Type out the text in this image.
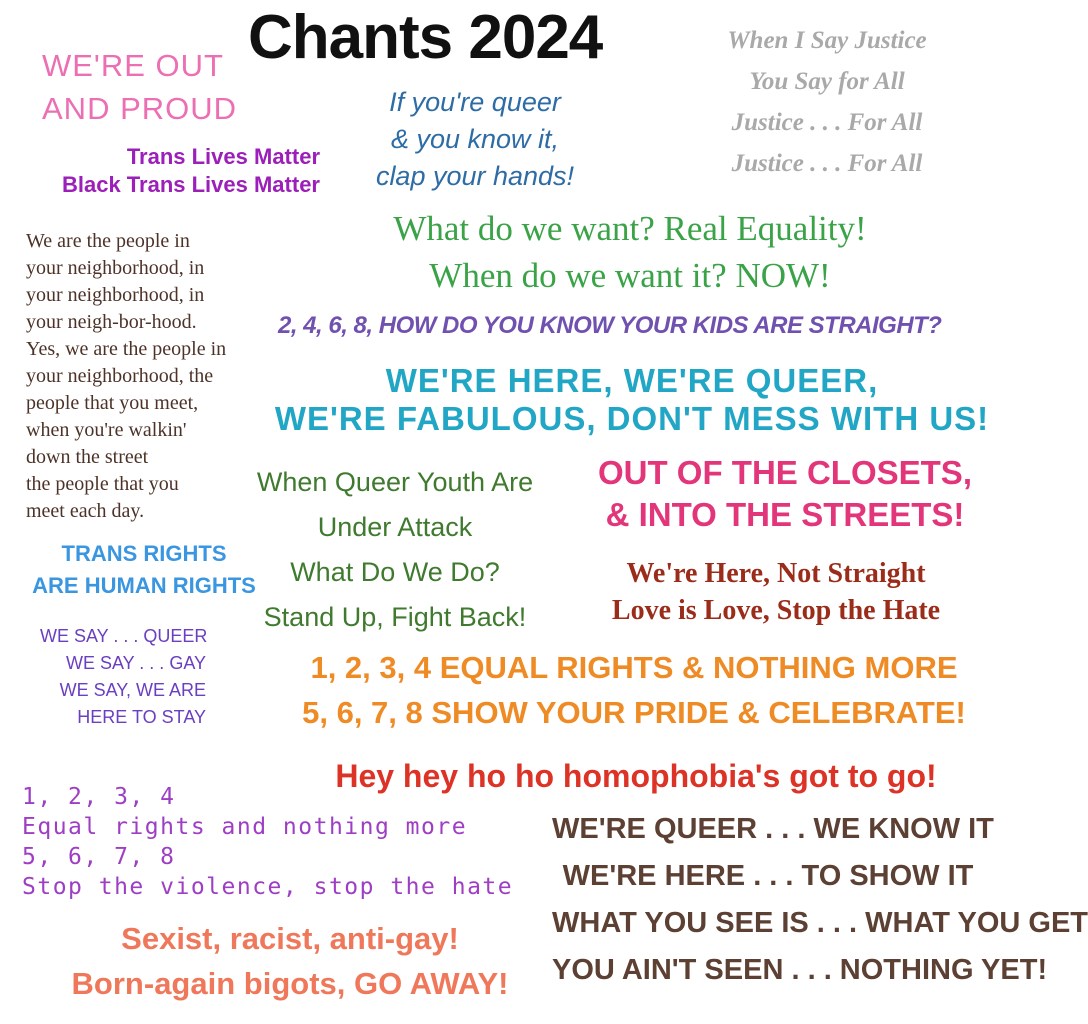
Chants 2024
WE'RE OUT
AND PROUD	If you're queer
& you know it,
clap your hands!
When I Say Justice
You Say for All
Justice . . . For All
Justice . . . For All
Trans Lives Matter
Black Trans Lives Matter
What do we want? Real Equality!
When do we want it? NOW!
We are the people in
your neighborhood, in
your neighborhood, in
your neigh-bor-hood.
Yes, we are the people in
your neighborhood, the
people that you meet,
when you're walkin'
down the street
the people that you
meet each day.
2, 4, 6, 8, HOW DO YOU KNOW YOUR KIDS ARE STRAIGHT?
WE'RE HERE, WE'RE QUEER,
WE'RE FABULOUS, DON'T MESS WITH US!
When Queer Youth Are
Under Attack
What Do We Do?
Stand Up, Fight Back!
OUT OF THE CLOSETS,
& INTO THE STREETS!
TRANS RIGHTS
ARE HUMAN RIGHTS	We're Here, Not Straight
Love is Love, Stop the Hate
WE SAY . . . QUEER
WE SAY . . . GAY
WE SAY, WE ARE
HERE TO STAY
1, 2, 3, 4 EQUAL RIGHTS & NOTHING MORE
5, 6, 7, 8 SHOW YOUR PRIDE & CELEBRATE!
Hey hey ho ho homophobia's got to go!
1, 2, 3, 4
Equal rights and nothing more
5, 6, 7, 8
Stop the violence, stop the hate
WE'RE QUEER . . . WE KNOW IT
WE'RE HERE . . . TO SHOW IT
WHAT YOU SEE IS . . . WHAT YOU GET
YOU AIN'T SEEN . . . NOTHING YET!
Sexist, racist, anti-gay!
Born-again bigots, GO AWAY!
